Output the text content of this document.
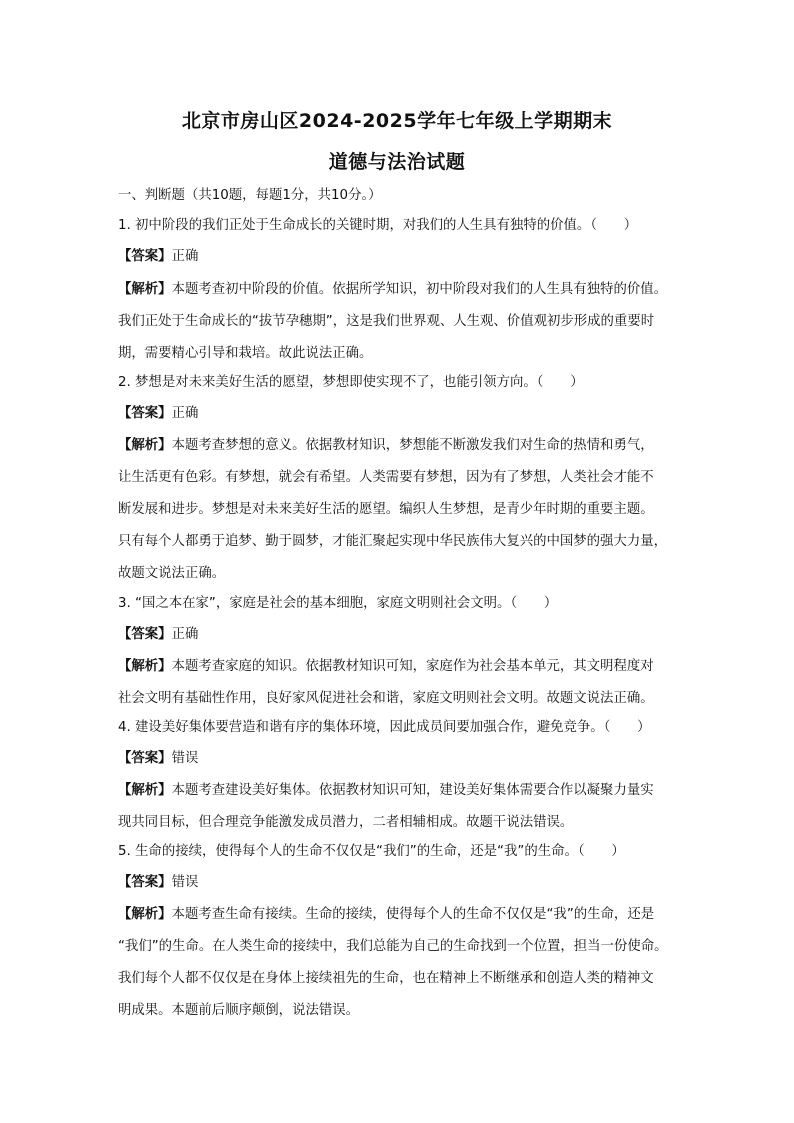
北京市房山区2024-2025学年七年级上学期期末
道德与法治试题
一、判断题（共10题，每题1分，共10分。）
1. 初中阶段的我们正处于生命成长的关键时期，对我们的人生具有独特的价值。（　　）
【答案】正确
【解析】本题考查初中阶段的价值。依据所学知识，初中阶段对我们的人生具有独特的价值。
我们正处于生命成长的“拔节孕穗期”，这是我们世界观、人生观、价值观初步形成的重要时
期，需要精心引导和栽培。故此说法正确。
2. 梦想是对未来美好生活的愿望，梦想即使实现不了，也能引领方向。（　　）
【答案】正确
【解析】本题考查梦想的意义。依据教材知识，梦想能不断激发我们对生命的热情和勇气，
让生活更有色彩。有梦想，就会有希望。人类需要有梦想，因为有了梦想，人类社会才能不
断发展和进步。梦想是对未来美好生活的愿望。编织人生梦想，是青少年时期的重要主题。
只有每个人都勇于追梦、勤于圆梦，才能汇聚起实现中华民族伟大复兴的中国梦的强大力量，
故题文说法正确。
3. “国之本在家”，家庭是社会的基本细胞，家庭文明则社会文明。（　　）
【答案】正确
【解析】本题考查家庭的知识。依据教材知识可知，家庭作为社会基本单元，其文明程度对
社会文明有基础性作用，良好家风促进社会和谐，家庭文明则社会文明。故题文说法正确。
4. 建设美好集体要营造和谐有序的集体环境，因此成员间要加强合作，避免竞争。（　　）
【答案】错误
【解析】本题考查建设美好集体。依据教材知识可知，建设美好集体需要合作以凝聚力量实
现共同目标，但合理竞争能激发成员潜力，二者相辅相成。故题干说法错误。
5. 生命的接续，使得每个人的生命不仅仅是“我们”的生命，还是“我”的生命。（　　）
【答案】错误
【解析】本题考查生命有接续。生命的接续，使得每个人的生命不仅仅是“我”的生命，还是
“我们”的生命。在人类生命的接续中，我们总能为自己的生命找到一个位置，担当一份使命。
我们每个人都不仅仅是在身体上接续祖先的生命，也在精神上不断继承和创造人类的精神文
明成果。本题前后顺序颠倒，说法错误。
